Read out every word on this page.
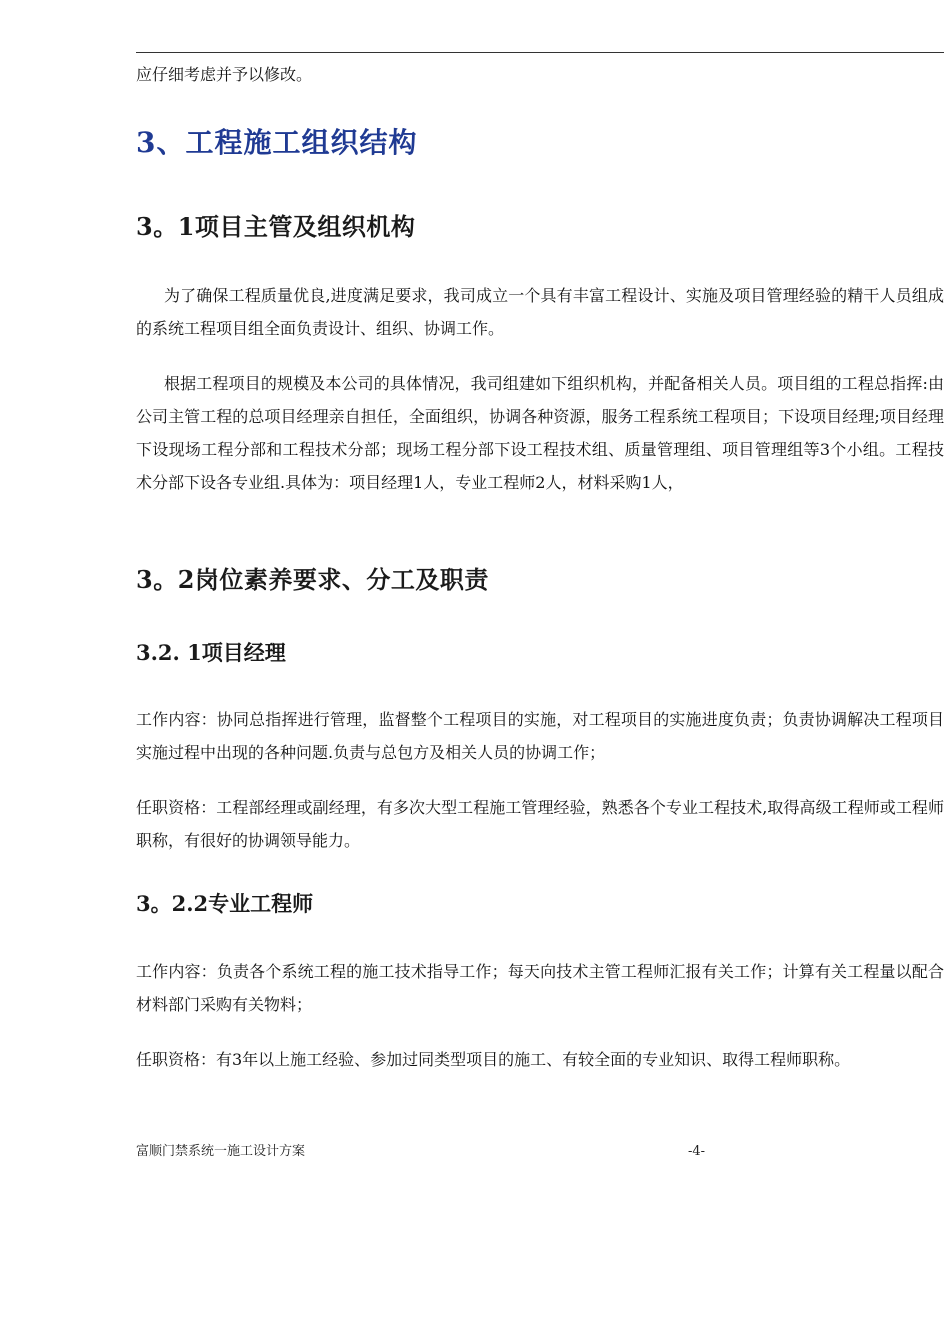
应仔细考虑并予以修改。

3、工程施工组织结构
3。1项目主管及组织机构

为了确保工程质量优良,进度满足要求，我司成立一个具有丰富工程设计、实施及项目管理经验的精干人员组成的系统工程项目组全面负责设计、组织、协调工作。

根据工程项目的规模及本公司的具体情况，我司组建如下组织机构，并配备相关人员。项目组的工程总指挥:由公司主管工程的总项目经理亲自担任，全面组织，协调各种资源，服务工程系统工程项目；下设项目经理;项目经理下设现场工程分部和工程技术分部；现场工程分部下设工程技术组、质量管理组、项目管理组等3个小组。工程技术分部下设各专业组.具体为：项目经理1人，专业工程师2人，材料采购1人，

3。2岗位素养要求、分工及职责
3.2. 1项目经理

工作内容：协同总指挥进行管理，监督整个工程项目的实施，对工程项目的实施进度负责；负责协调解决工程项目实施过程中出现的各种问题.负责与总包方及相关人员的协调工作；

任职资格：工程部经理或副经理，有多次大型工程施工管理经验，熟悉各个专业工程技术,取得高级工程师或工程师职称，有很好的协调领导能力。

3。2.2专业工程师

工作内容：负责各个系统工程的施工技术指导工作；每天向技术主管工程师汇报有关工作；计算有关工程量以配合材料部门采购有关物料；

任职资格：有3年以上施工经验、参加过同类型项目的施工、有较全面的专业知识、取得工程师职称。

富顺门禁系统一施工设计方案	-4-
